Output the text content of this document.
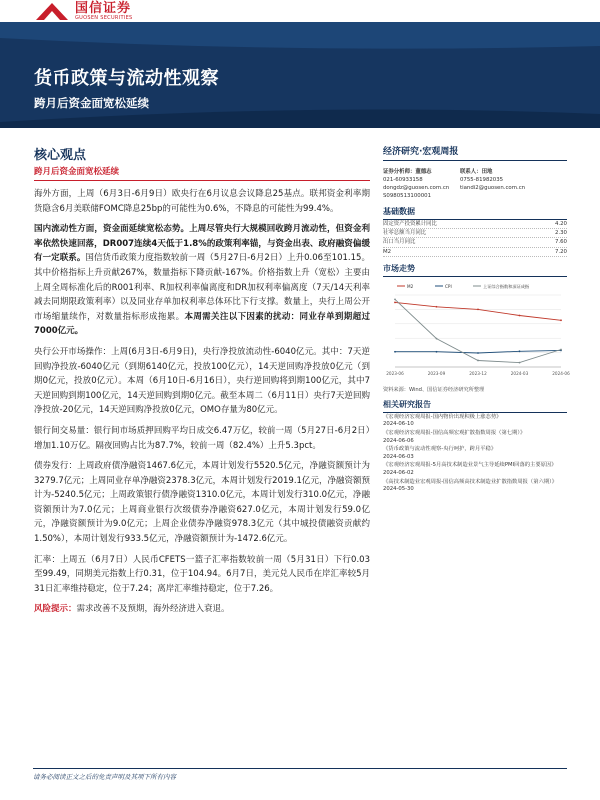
国信证券
GUOSEN SECURITIES
货币政策与流动性观察
跨月后资金面宽松延续
核心观点
跨月后资金面宽松延续

海外方面，上周（6月3日-6月9日）欧央行在6月议息会议降息25基点。联邦资金利率期货隐含6月美联储FOMC降息25bp的可能性为0.6%，不降息的可能性为99.4%。

国内流动性方面，资金面延续宽松态势。上周尽管央行大规模回收跨月流动性，但资金利率依然快速回落，DR007连续4天低于1.8%的政策利率锚，与资金出表、政府融资偏缓有一定联系。国信货币政策力度指数较前一周（5月27日-6月2日）上升0.06至101.15。其中价格指标上升贡献267%，数量指标下降贡献-167%。价格指数上升（宽松）主要由上周全周标准化后的R001利率、R加权利率偏离度和DR加权利率偏离度（7天/14天利率减去同期限政策利率）以及同业存单加权利率总体环比下行支撑。数量上，央行上周公开市场缩量续作，对数量指标形成拖累。本周需关注以下因素的扰动：同业存单到期超过7000亿元。

央行公开市场操作：上周(6月3日-6月9日)，央行净投放流动性-6040亿元。其中：7天逆回购净投放-6040亿元（到期6140亿元，投放100亿元），14天逆回购净投放0亿元（到期0亿元，投放0亿元）。本周（6月10日-6月16日），央行逆回购将到期100亿元，其中7天逆回购到期100亿元，14天逆回购到期0亿元。截至本周二（6月11日）央行7天逆回购净投放-20亿元，14天逆回购净投放0亿元，OMO存量为80亿元。

银行间交易量：银行间市场质押回购平均日成交6.47万亿，较前一周（5月27日-6月2日）增加1.10万亿。隔夜回购占比为87.7%，较前一周（82.4%）上升5.3pct。

债券发行：上周政府债净融资1467.6亿元，本周计划发行5520.5亿元，净融资额预计为3279.7亿元；上周同业存单净融资2378.3亿元，本周计划发行2019.1亿元，净融资额预计为-5240.5亿元；上周政策银行债净融资1310.0亿元，本周计划发行310.0亿元，净融资额预计为7.0亿元；上周商业银行次级债券净融资627.0亿元，本周计划发行59.0亿元，净融资额预计为9.0亿元；上周企业债券净融资978.3亿元（其中城投债融资贡献约1.50%），本周计划发行933.5亿元，净融资额预计为-1472.6亿元。

汇率：上周五（6月7日）人民币CFETS一篮子汇率指数较前一周（5月31日）下行0.03至99.49，同期美元指数上行0.31，位于104.94。6月7日，美元兑人民币在岸汇率较5月31日汇率维持稳定，位于7.24；离岸汇率维持稳定，位于7.26。

风险提示：需求改善不及预期，海外经济进入衰退。

经济研究·宏观周报
证券分析师：董德志	联系人：田地
021-60933158	0755-81982035
dongdz@guosen.com.cn	tiandi2@guosen.com.cn
S0980513100001
基础数据
固定资产投资累计同比	4.20
社零总额当月同比	2.30
出口当月同比	7.60
M2	7.20
市场走势
M2	CPI	上证综合指数和深证成指
2023-06	2023-09	2023-12	2024-03	2024-06
资料来源：Wind、国信证券经济研究所整理
相关研究报告
《宏观经济宏观周报-国内物价出现积极上涨态势》
2024-06-10
《宏观经济宏观周报-国信高频宏观扩散指数周报（第七期）》
2024-06-06
《货币政策与流动性观察-央行呵护，跨月平稳》
2024-06-03
《宏观经济宏观周报-5月高技术制造业景气主导延续PMI回落的主要原因》
2024-06-02
《高技术制造业宏观周报-国信高频高技术制造业扩散指数周报（第六期）》
2024-05-30
请务必阅读正文之后的免责声明及其项下所有内容
